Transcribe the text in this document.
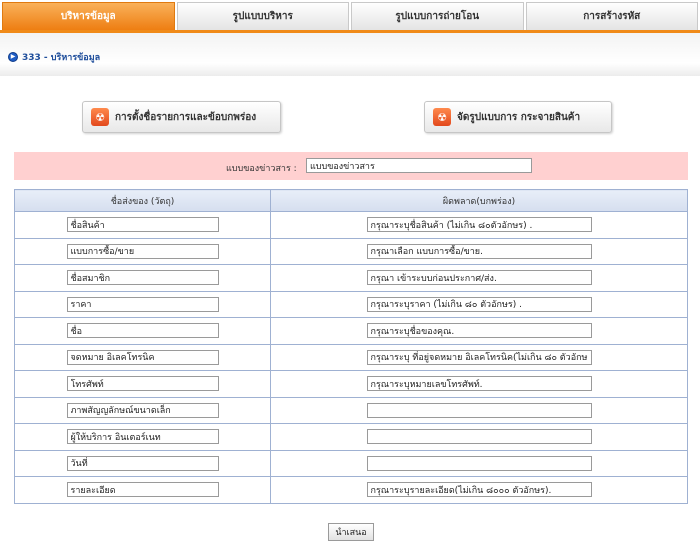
บริหารข้อมูล	รูปแบบบริหาร	รูปแบบการถ่ายโอน	การสร้างรหัส
▶ 333 - บริหารข้อมูล
☢	การตั้งชื่อรายการและข้อบกพร่อง	☢	จัดรูปแบบการ กระจายสินค้า
แบบของข่าวสาร :
แบบของข่าวสาร
ชื่อส่งของ (วัตถุ)	ผิดพลาด(บกพร่อง)
ชื่อสินค้า	กรุณาระบุชื่อสินค้า (ไม่เกิน ๘๐ตัวอักษร) .
แบบการซื้อ/ขาย	กรุณาเลือก แบบการซื้อ/ขาย.
ชื่อสมาชิก	กรุณา เข้าระบบก่อนประกาศ/ส่ง.
ราคา	กรุณาระบุราคา (ไม่เกิน ๘๐ ตัวอักษร) .
ชื่อ	กรุณาระบุชื่อของคุณ.
จดหมาย อิเลคโทรนิค	กรุณาระบุ ที่อยู่จดหมาย อิเลคโทรนิค(ไม่เกิน ๘๐ ตัวอักษร)
โทรศัพท์	กรุณาระบุหมายเลขโทรศัพท์.
ภาพสัญญลักษณ์ขนาดเล็ก	
ผู้ให้บริการ อินเตอร์เนท	
วันที่	
รายละเอียด	กรุณาระบุรายละเอียด(ไม่เกิน ๘๐๐๐ ตัวอักษร).
นำเสนอ
